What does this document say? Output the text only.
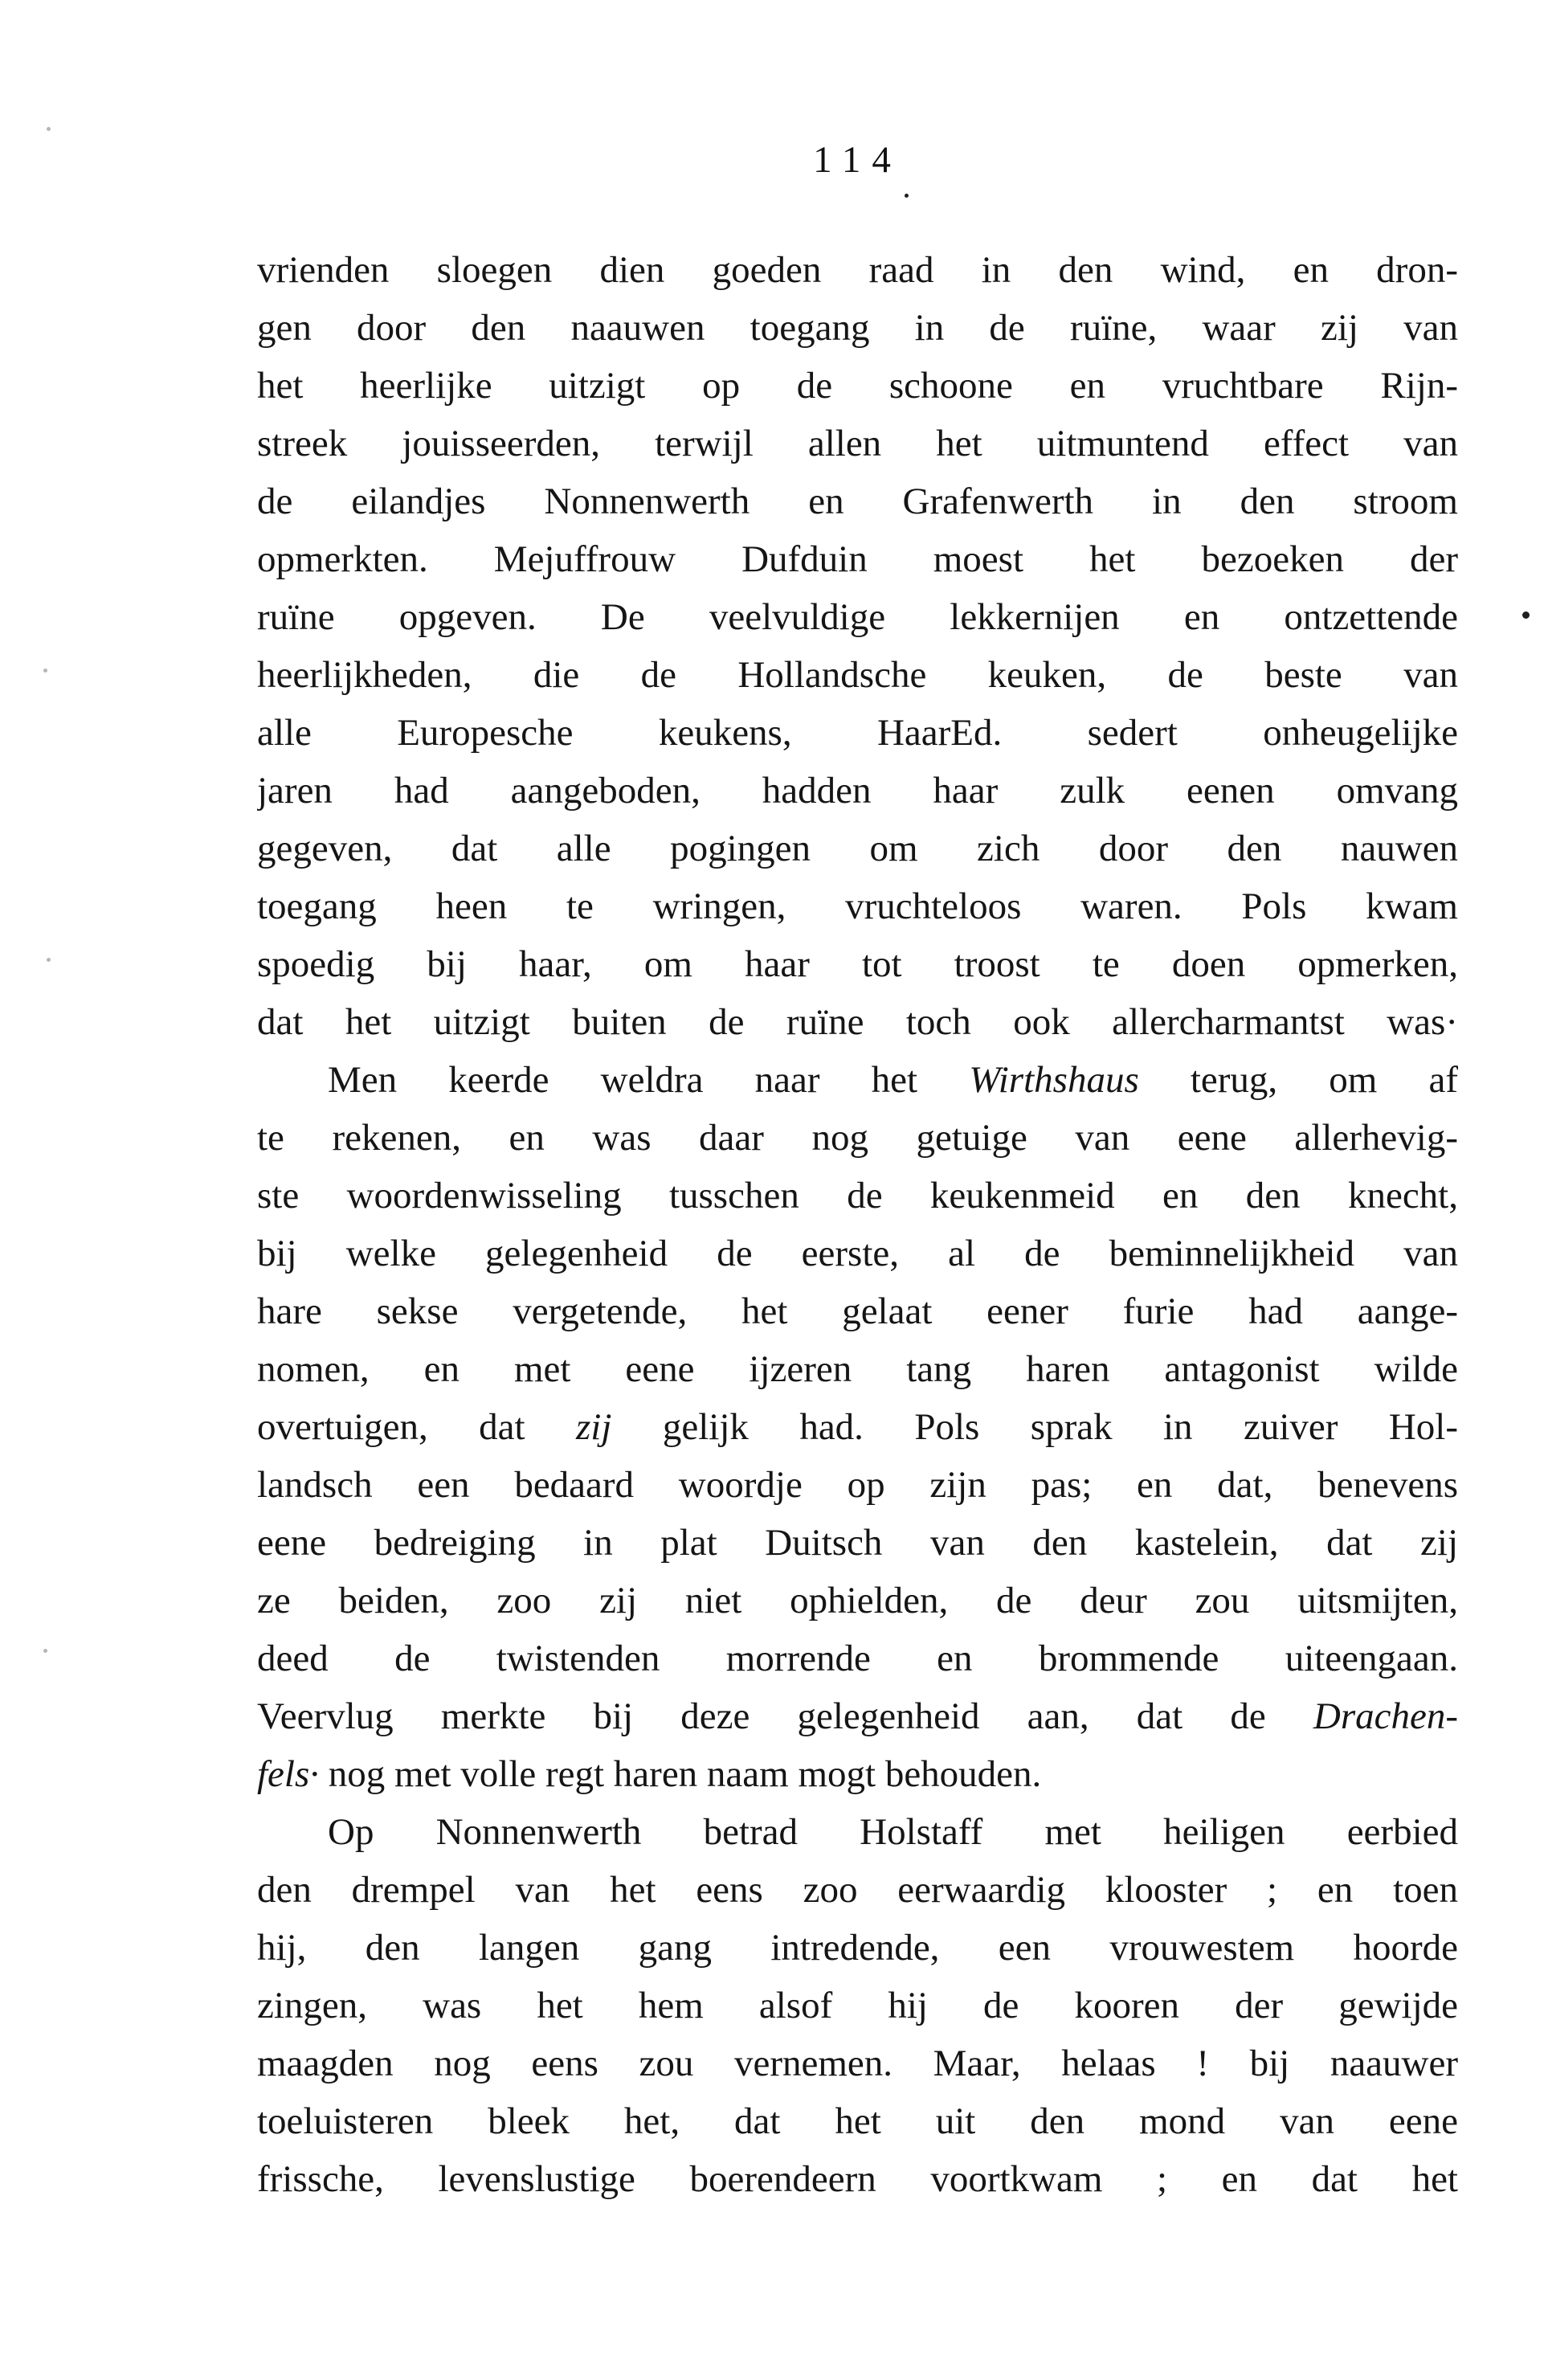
114
vrienden sloegen dien goeden raad in den wind, en dron-
gen door den naauwen toegang in de ruïne, waar zij van
het heerlijke uitzigt op de schoone en vruchtbare Rijn-
streek jouisseerden, terwijl allen het uitmuntend effect van
de eilandjes Nonnenwerth en Grafenwerth in den stroom
opmerkten. Mejuffrouw Dufduin moest het bezoeken der
ruïne opgeven. De veelvuldige lekkernijen en ontzettende
heerlijkheden, die de Hollandsche keuken, de beste van
alle Europesche keukens, HaarEd. sedert onheugelijke
jaren had aangeboden, hadden haar zulk eenen omvang
gegeven, dat alle pogingen om zich door den nauwen
toegang heen te wringen, vruchteloos waren. Pols kwam
spoedig bij haar, om haar tot troost te doen opmerken,
dat het uitzigt buiten de ruïne toch ook allercharmantst was·
Men keerde weldra naar het Wirthshaus terug, om af
te rekenen, en was daar nog getuige van eene allerhevig-
ste woordenwisseling tusschen de keukenmeid en den knecht,
bij welke gelegenheid de eerste, al de beminnelijkheid van
hare sekse vergetende, het gelaat eener furie had aange-
nomen, en met eene ijzeren tang haren antagonist wilde
overtuigen, dat zij gelijk had. Pols sprak in zuiver Hol-
landsch een bedaard woordje op zijn pas; en dat, benevens
eene bedreiging in plat Duitsch van den kastelein, dat zij
ze beiden, zoo zij niet ophielden, de deur zou uitsmijten,
deed de twistenden morrende en brommende uiteengaan.
Veervlug merkte bij deze gelegenheid aan, dat de Drachen-
fels· nog met volle regt haren naam mogt behouden.
Op Nonnenwerth betrad Holstaff met heiligen eerbied
den drempel van het eens zoo eerwaardig klooster ; en toen
hij, den langen gang intredende, een vrouwestem hoorde
zingen, was het hem alsof hij de kooren der gewijde
maagden nog eens zou vernemen. Maar, helaas ! bij naauwer
toeluisteren bleek het, dat het uit den mond van eene
frissche, levenslustige boerendeern voortkwam ; en dat het
